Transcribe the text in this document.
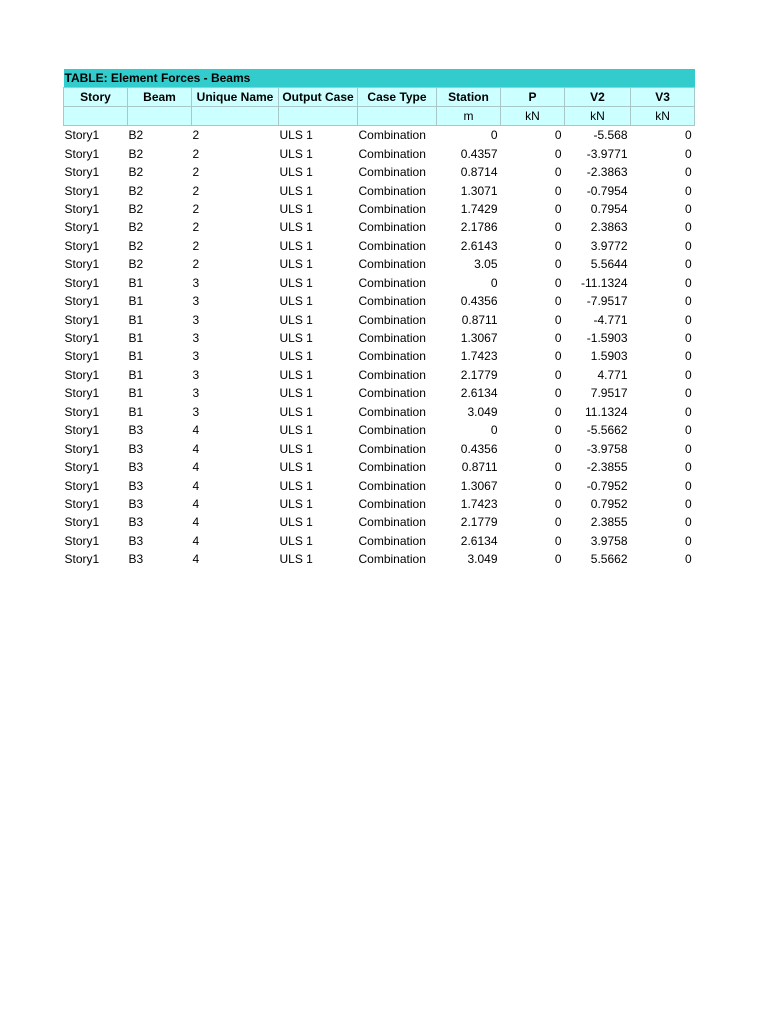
TABLE: Element Forces - Beams								
Story	Beam	Unique Name	Output Case	Case Type	Station	P	V2	V3
					m	kN	kN	kN
Story1	B2	2	ULS 1	Combination	0	0	-5.568	0
Story1	B2	2	ULS 1	Combination	0.4357	0	-3.9771	0
Story1	B2	2	ULS 1	Combination	0.8714	0	-2.3863	0
Story1	B2	2	ULS 1	Combination	1.3071	0	-0.7954	0
Story1	B2	2	ULS 1	Combination	1.7429	0	0.7954	0
Story1	B2	2	ULS 1	Combination	2.1786	0	2.3863	0
Story1	B2	2	ULS 1	Combination	2.6143	0	3.9772	0
Story1	B2	2	ULS 1	Combination	3.05	0	5.5644	0
Story1	B1	3	ULS 1	Combination	0	0	-11.1324	0
Story1	B1	3	ULS 1	Combination	0.4356	0	-7.9517	0
Story1	B1	3	ULS 1	Combination	0.8711	0	-4.771	0
Story1	B1	3	ULS 1	Combination	1.3067	0	-1.5903	0
Story1	B1	3	ULS 1	Combination	1.7423	0	1.5903	0
Story1	B1	3	ULS 1	Combination	2.1779	0	4.771	0
Story1	B1	3	ULS 1	Combination	2.6134	0	7.9517	0
Story1	B1	3	ULS 1	Combination	3.049	0	11.1324	0
Story1	B3	4	ULS 1	Combination	0	0	-5.5662	0
Story1	B3	4	ULS 1	Combination	0.4356	0	-3.9758	0
Story1	B3	4	ULS 1	Combination	0.8711	0	-2.3855	0
Story1	B3	4	ULS 1	Combination	1.3067	0	-0.7952	0
Story1	B3	4	ULS 1	Combination	1.7423	0	0.7952	0
Story1	B3	4	ULS 1	Combination	2.1779	0	2.3855	0
Story1	B3	4	ULS 1	Combination	2.6134	0	3.9758	0
Story1	B3	4	ULS 1	Combination	3.049	0	5.5662	0
